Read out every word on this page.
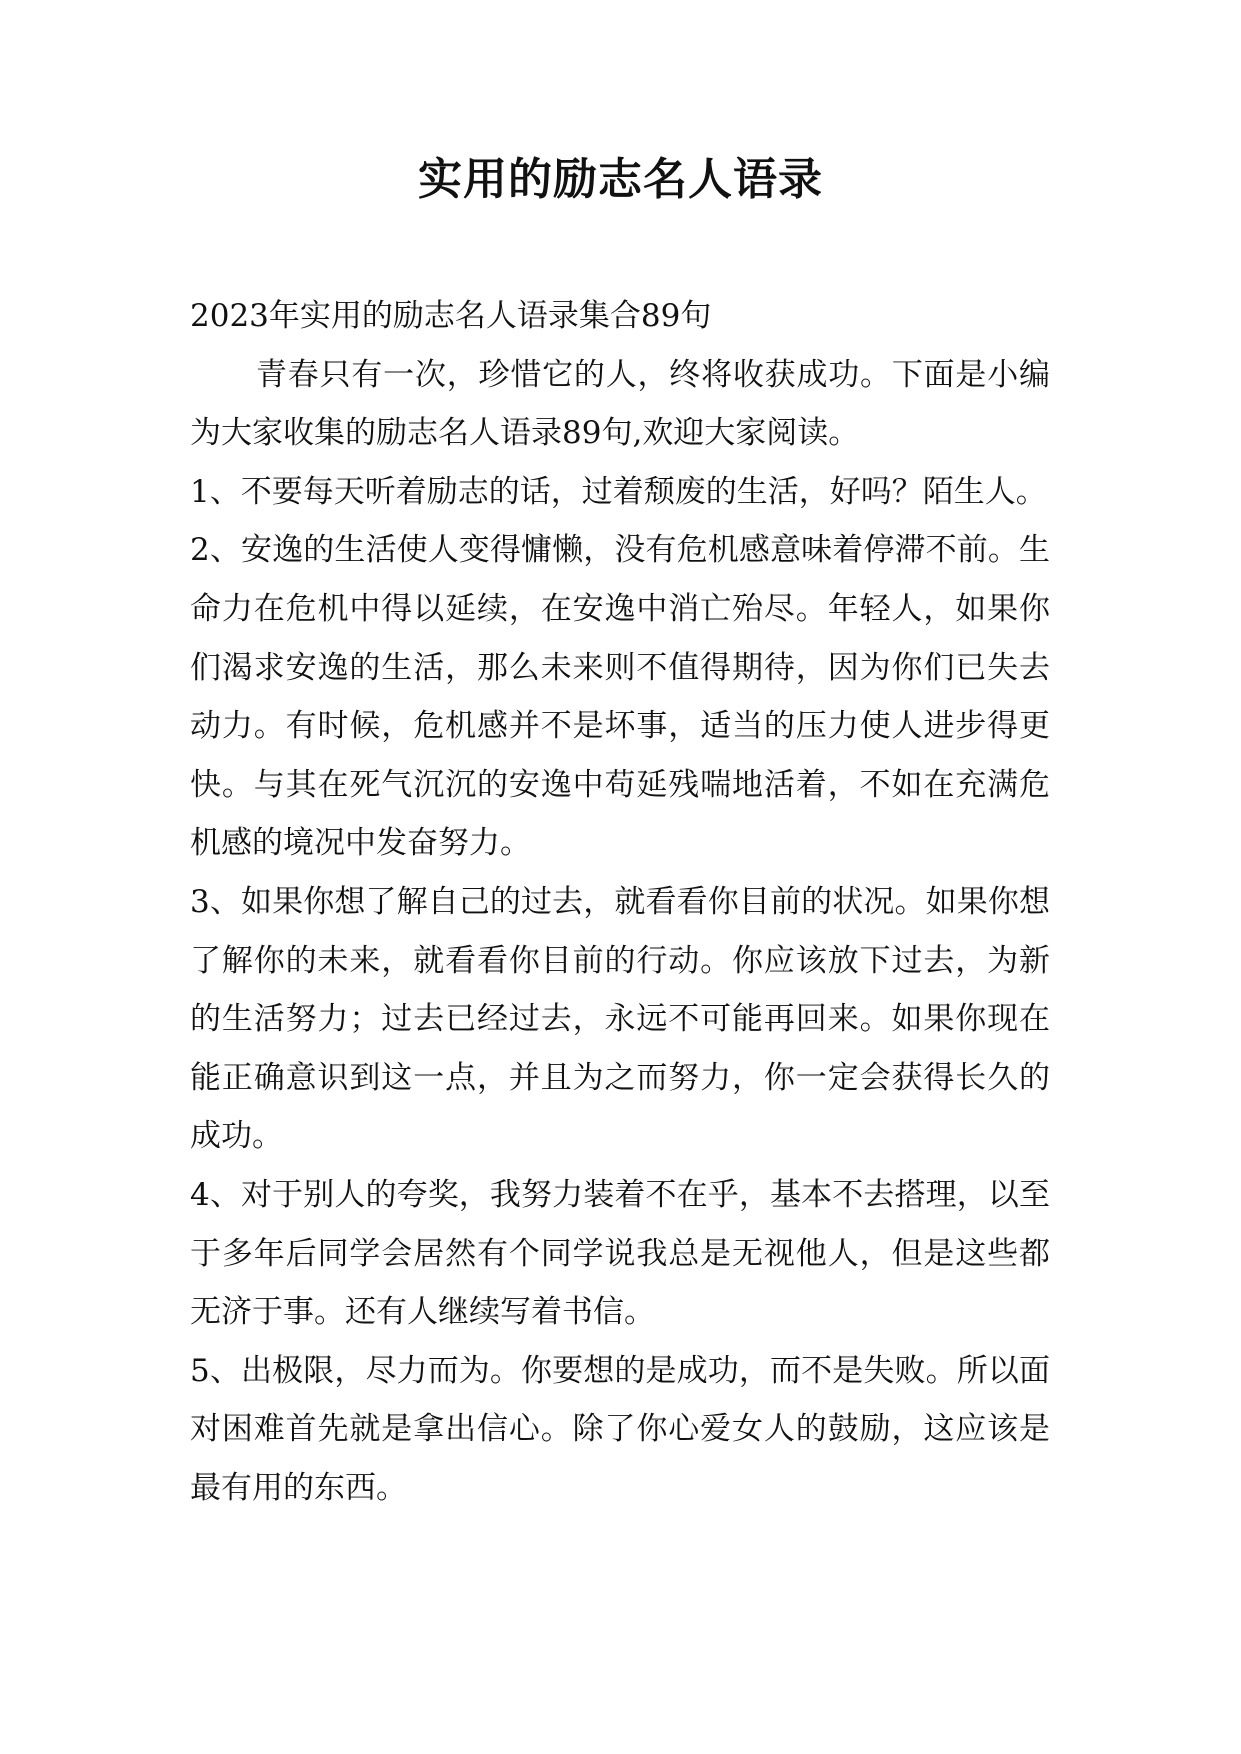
实用的励志名人语录

2023年实用的励志名人语录集合89句

青春只有一次，珍惜它的人，终将收获成功。下面是小编为大家收集的励志名人语录89句,欢迎大家阅读。

1、不要每天听着励志的话，过着颓废的生活，好吗？陌生人。

2、安逸的生活使人变得慵懒，没有危机感意味着停滞不前。生命力在危机中得以延续，在安逸中消亡殆尽。年轻人，如果你们渴求安逸的生活，那么未来则不值得期待，因为你们已失去动力。有时候，危机感并不是坏事，适当的压力使人进步得更快。与其在死气沉沉的安逸中苟延残喘地活着，不如在充满危机感的境况中发奋努力。

3、如果你想了解自己的过去，就看看你目前的状况。如果你想了解你的未来，就看看你目前的行动。你应该放下过去，为新的生活努力；过去已经过去，永远不可能再回来。如果你现在能正确意识到这一点，并且为之而努力，你一定会获得长久的成功。

4、对于别人的夸奖，我努力装着不在乎，基本不去搭理，以至于多年后同学会居然有个同学说我总是无视他人，但是这些都无济于事。还有人继续写着书信。

5、出极限，尽力而为。你要想的是成功，而不是失败。所以面对困难首先就是拿出信心。除了你心爱女人的鼓励，这应该是最有用的东西。
